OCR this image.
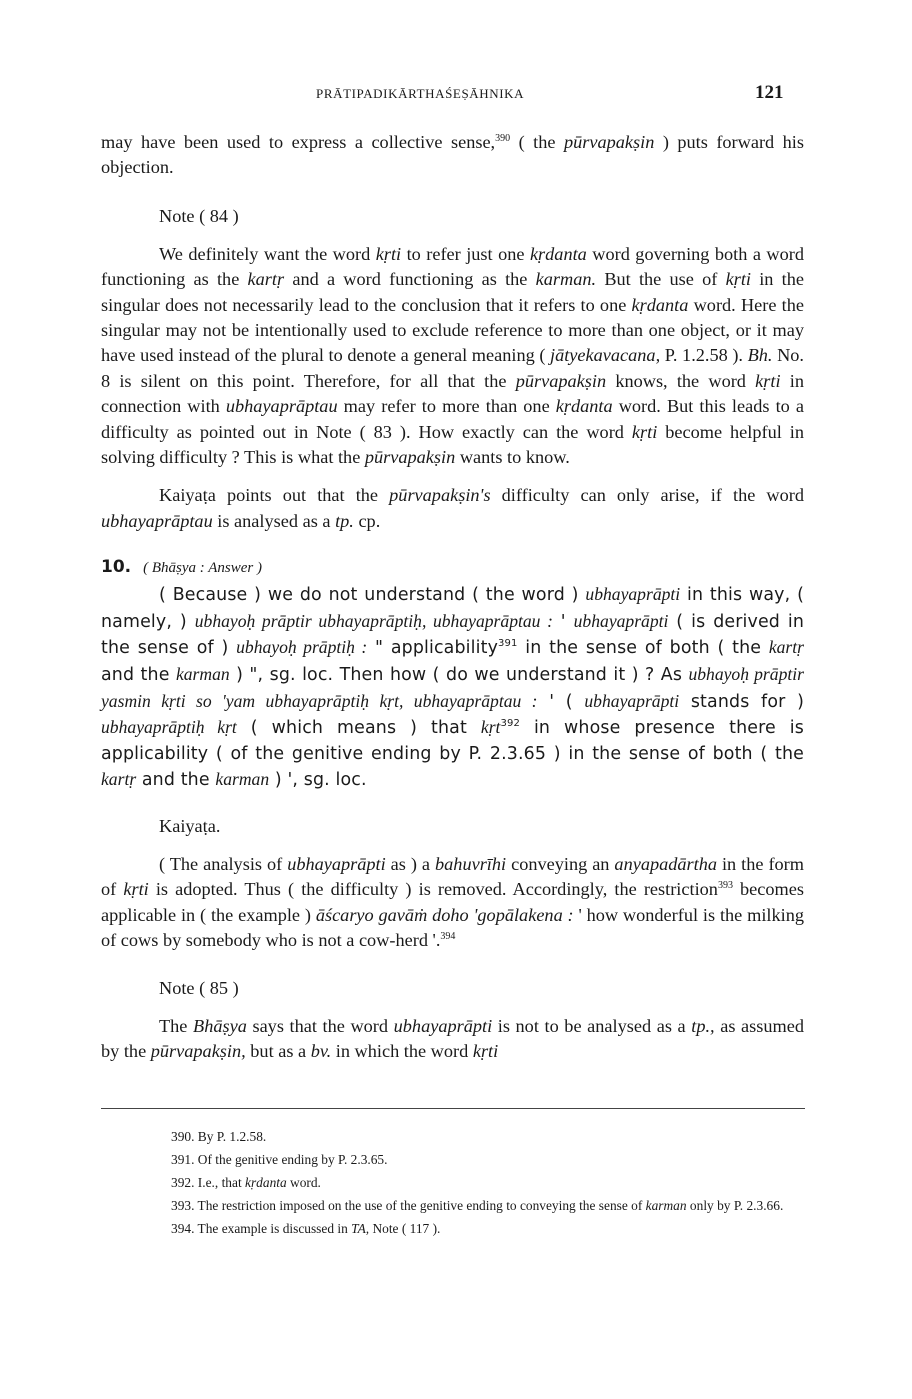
PRĀTIPADIKĀRTHAŚEṢĀHNIKA	121

may have been used to express a collective sense,$^{390}$ ( the pūrvapakṣin ) puts forward his objection.

Note ( 84 )

We definitely want the word kṛti to refer just one kṛdanta word governing both a word functioning as the kartṛ and a word functioning as the karman. But the use of kṛti in the singular does not necessarily lead to the conclusion that it refers to one kṛdanta word. Here the singular may not be intentionally used to exclude reference to more than one object, or it may have used instead of the plural to denote a general meaning ( jātyekavacana, P. 1.2.58 ). Bh. No. 8 is silent on this point. Therefore, for all that the pūrvapakṣin knows, the word kṛti in connection with ubhayaprāptau may refer to more than one kṛdanta word. But this leads to a difficulty as pointed out in Note ( 83 ). How exactly can the word kṛti become helpful in solving difficulty ? This is what the pūrvapakṣin wants to know.

Kaiyaṭa points out that the pūrvapakṣin's difficulty can only arise, if the word ubhayaprāptau is analysed as a tp. cp.

10. ( Bhāṣya : Answer )

( Because ) we do not understand ( the word ) ubhayaprāpti in this way, ( namely, ) ubhayoḥ prāptir ubhayaprāptiḥ, ubhayaprāptau : ' ubhayaprāpti ( is derived in the sense of ) ubhayoḥ prāptiḥ : " applicability$^{391}$ in the sense of both ( the kartṛ and the karman ) ", sg. loc. Then how ( do we understand it ) ? As ubhayoḥ prāptir yasmin kṛti so 'yam ubhayaprāptiḥ kṛt, ubhayaprāptau : ' ( ubhayaprāpti stands for ) ubhayaprāptiḥ kṛt ( which means ) that kṛt$^{392}$ in whose presence there is applicability ( of the genitive ending by P. 2.3.65 ) in the sense of both ( the kartṛ and the karman ) ', sg. loc.

Kaiyaṭa.

( The analysis of ubhayaprāpti as ) a bahuvrīhi conveying an anyapadārtha in the form of kṛti is adopted. Thus ( the difficulty ) is removed. Accordingly, the restriction$^{393}$ becomes applicable in ( the example ) āścaryo gavāṁ doho 'gopālakena : ' how wonderful is the milking of cows by somebody who is not a cow-herd '.$^{394}$

Note ( 85 )

The Bhāṣya says that the word ubhayaprāpti is not to be analysed as a tp., as assumed by the pūrvapakṣin, but as a bv. in which the word kṛti

390. By P. 1.2.58.

391. Of the genitive ending by P. 2.3.65.

392. I.e., that kṛdanta word.

393. The restriction imposed on the use of the genitive ending to conveying the sense of karman only by P. 2.3.66.

394. The example is discussed in TA, Note ( 117 ).
